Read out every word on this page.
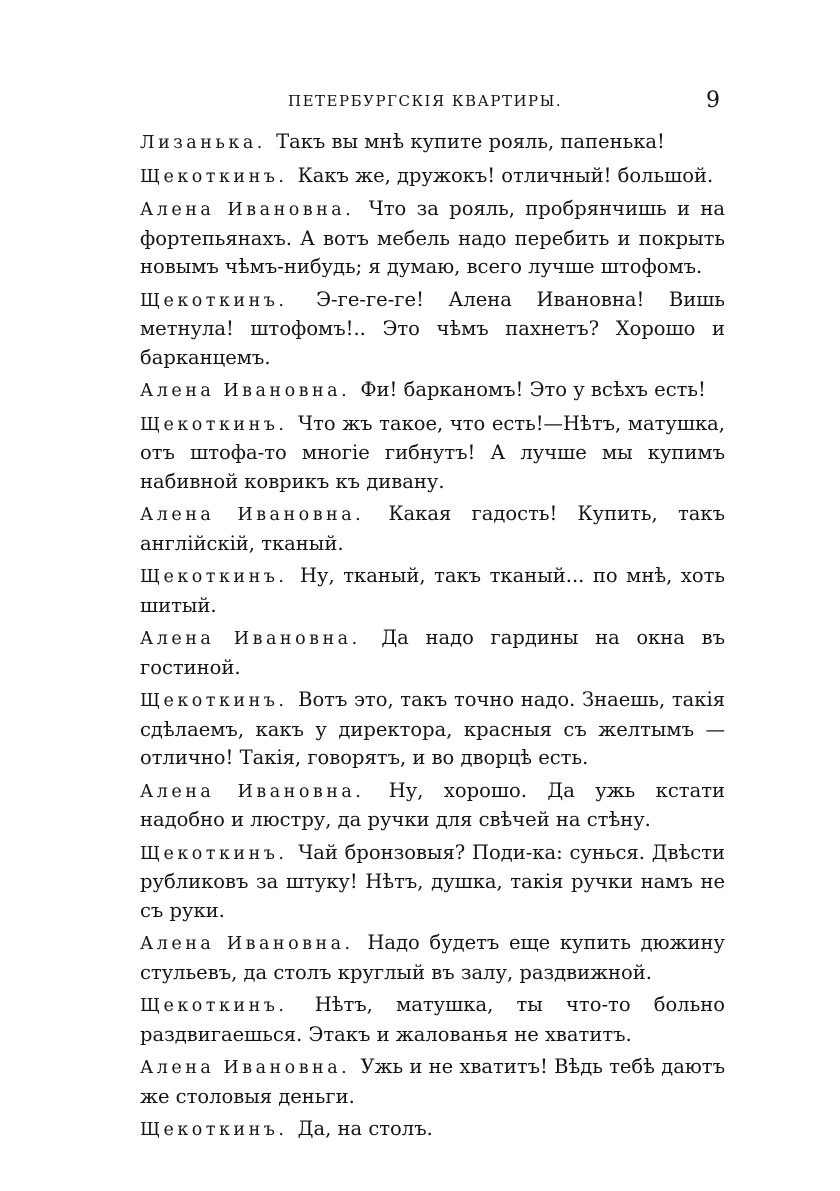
ПЕТЕРБУРГСКІЯ КВАРТИРЫ.	9

Лизанька. Такъ вы мнѣ купите рояль, папенька!

Щекоткинъ. Какъ же, дружокъ! отличный! большой.

Алена Ивановна. Что за рояль, пробрянчишь и на фортепьянахъ. А вотъ мебель надо перебить и покрыть новымъ чѣмъ-нибудь; я думаю, всего лучше штофомъ.

Щекоткинъ. Э-ге-ге-ге! Алена Ивановна! Вишь метнула! штофомъ!.. Это чѣмъ пахнетъ? Хорошо и барканцемъ.

Алена Ивановна. Фи! барканомъ! Это у всѣхъ есть!

Щекоткинъ. Что жъ такое, что есть!—Нѣтъ, матушка, отъ штофа-то многіе гибнутъ! А лучше мы купимъ набивной коврикъ къ дивану.

Алена Ивановна. Какая гадость! Купить, такъ англійскій, тканый.

Щекоткинъ. Ну, тканый, такъ тканый... по мнѣ, хоть шитый.

Алена Ивановна. Да надо гардины на окна въ гостиной.

Щекоткинъ. Вотъ это, такъ точно надо. Знаешь, такія сдѣлаемъ, какъ у директора, красныя съ желтымъ — отлично! Такія, говорятъ, и во дворцѣ есть.

Алена Ивановна. Ну, хорошо. Да ужь кстати надобно и люстру, да ручки для свѣчей на стѣну.

Щекоткинъ. Чай бронзовыя? Поди-ка: сунься. Двѣсти рубликовъ за штуку! Нѣтъ, душка, такія ручки намъ не съ руки.

Алена Ивановна. Надо будетъ еще купить дюжину стульевъ, да столъ круглый въ залу, раздвижной.

Щекоткинъ. Нѣтъ, матушка, ты что-то больно раздвигаешься. Этакъ и жалованья не хватитъ.

Алена Ивановна. Ужь и не хватитъ! Вѣдь тебѣ даютъ же столовыя деньги.

Щекоткинъ. Да, на столъ.
